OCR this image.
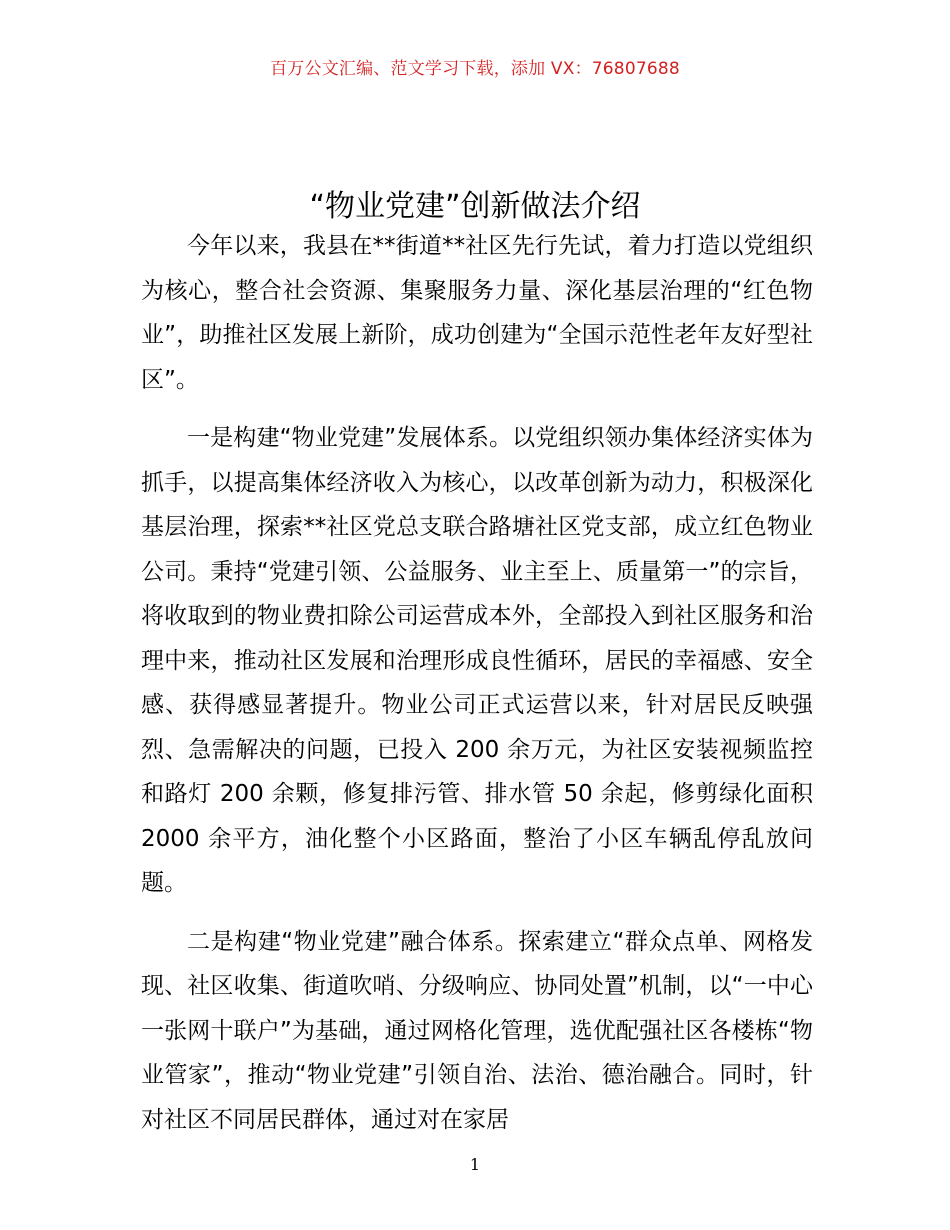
百万公文汇编、范文学习下载，添加 VX：76807688
“物业党建”创新做法介绍

今年以来，我县在**街道**社区先行先试，着力打造以党组织为核心，整合社会资源、集聚服务力量、深化基层治理的“红色物业”，助推社区发展上新阶，成功创建为“全国示范性老年友好型社区”。

一是构建“物业党建”发展体系。以党组织领办集体经济实体为抓手，以提高集体经济收入为核心，以改革创新为动力，积极深化基层治理，探索**社区党总支联合路塘社区党支部，成立红色物业公司。秉持“党建引领、公益服务、业主至上、质量第一”的宗旨，将收取到的物业费扣除公司运营成本外，全部投入到社区服务和治理中来，推动社区发展和治理形成良性循环，居民的幸福感、安全感、获得感显著提升。物业公司正式运营以来，针对居民反映强烈、急需解决的问题，已投入 200 余万元，为社区安装视频监控和路灯 200 余颗，修复排污管、排水管 50 余起，修剪绿化面积 2000 余平方，油化整个小区路面，整治了小区车辆乱停乱放问题。

二是构建“物业党建”融合体系。探索建立“群众点单、网格发现、社区收集、街道吹哨、分级响应、协同处置”机制，以“一中心一张网十联户”为基础，通过网格化管理，选优配强社区各楼栋“物业管家”，推动“物业党建”引领自治、法治、德治融合。同时，针对社区不同居民群体，通过对在家居

1
